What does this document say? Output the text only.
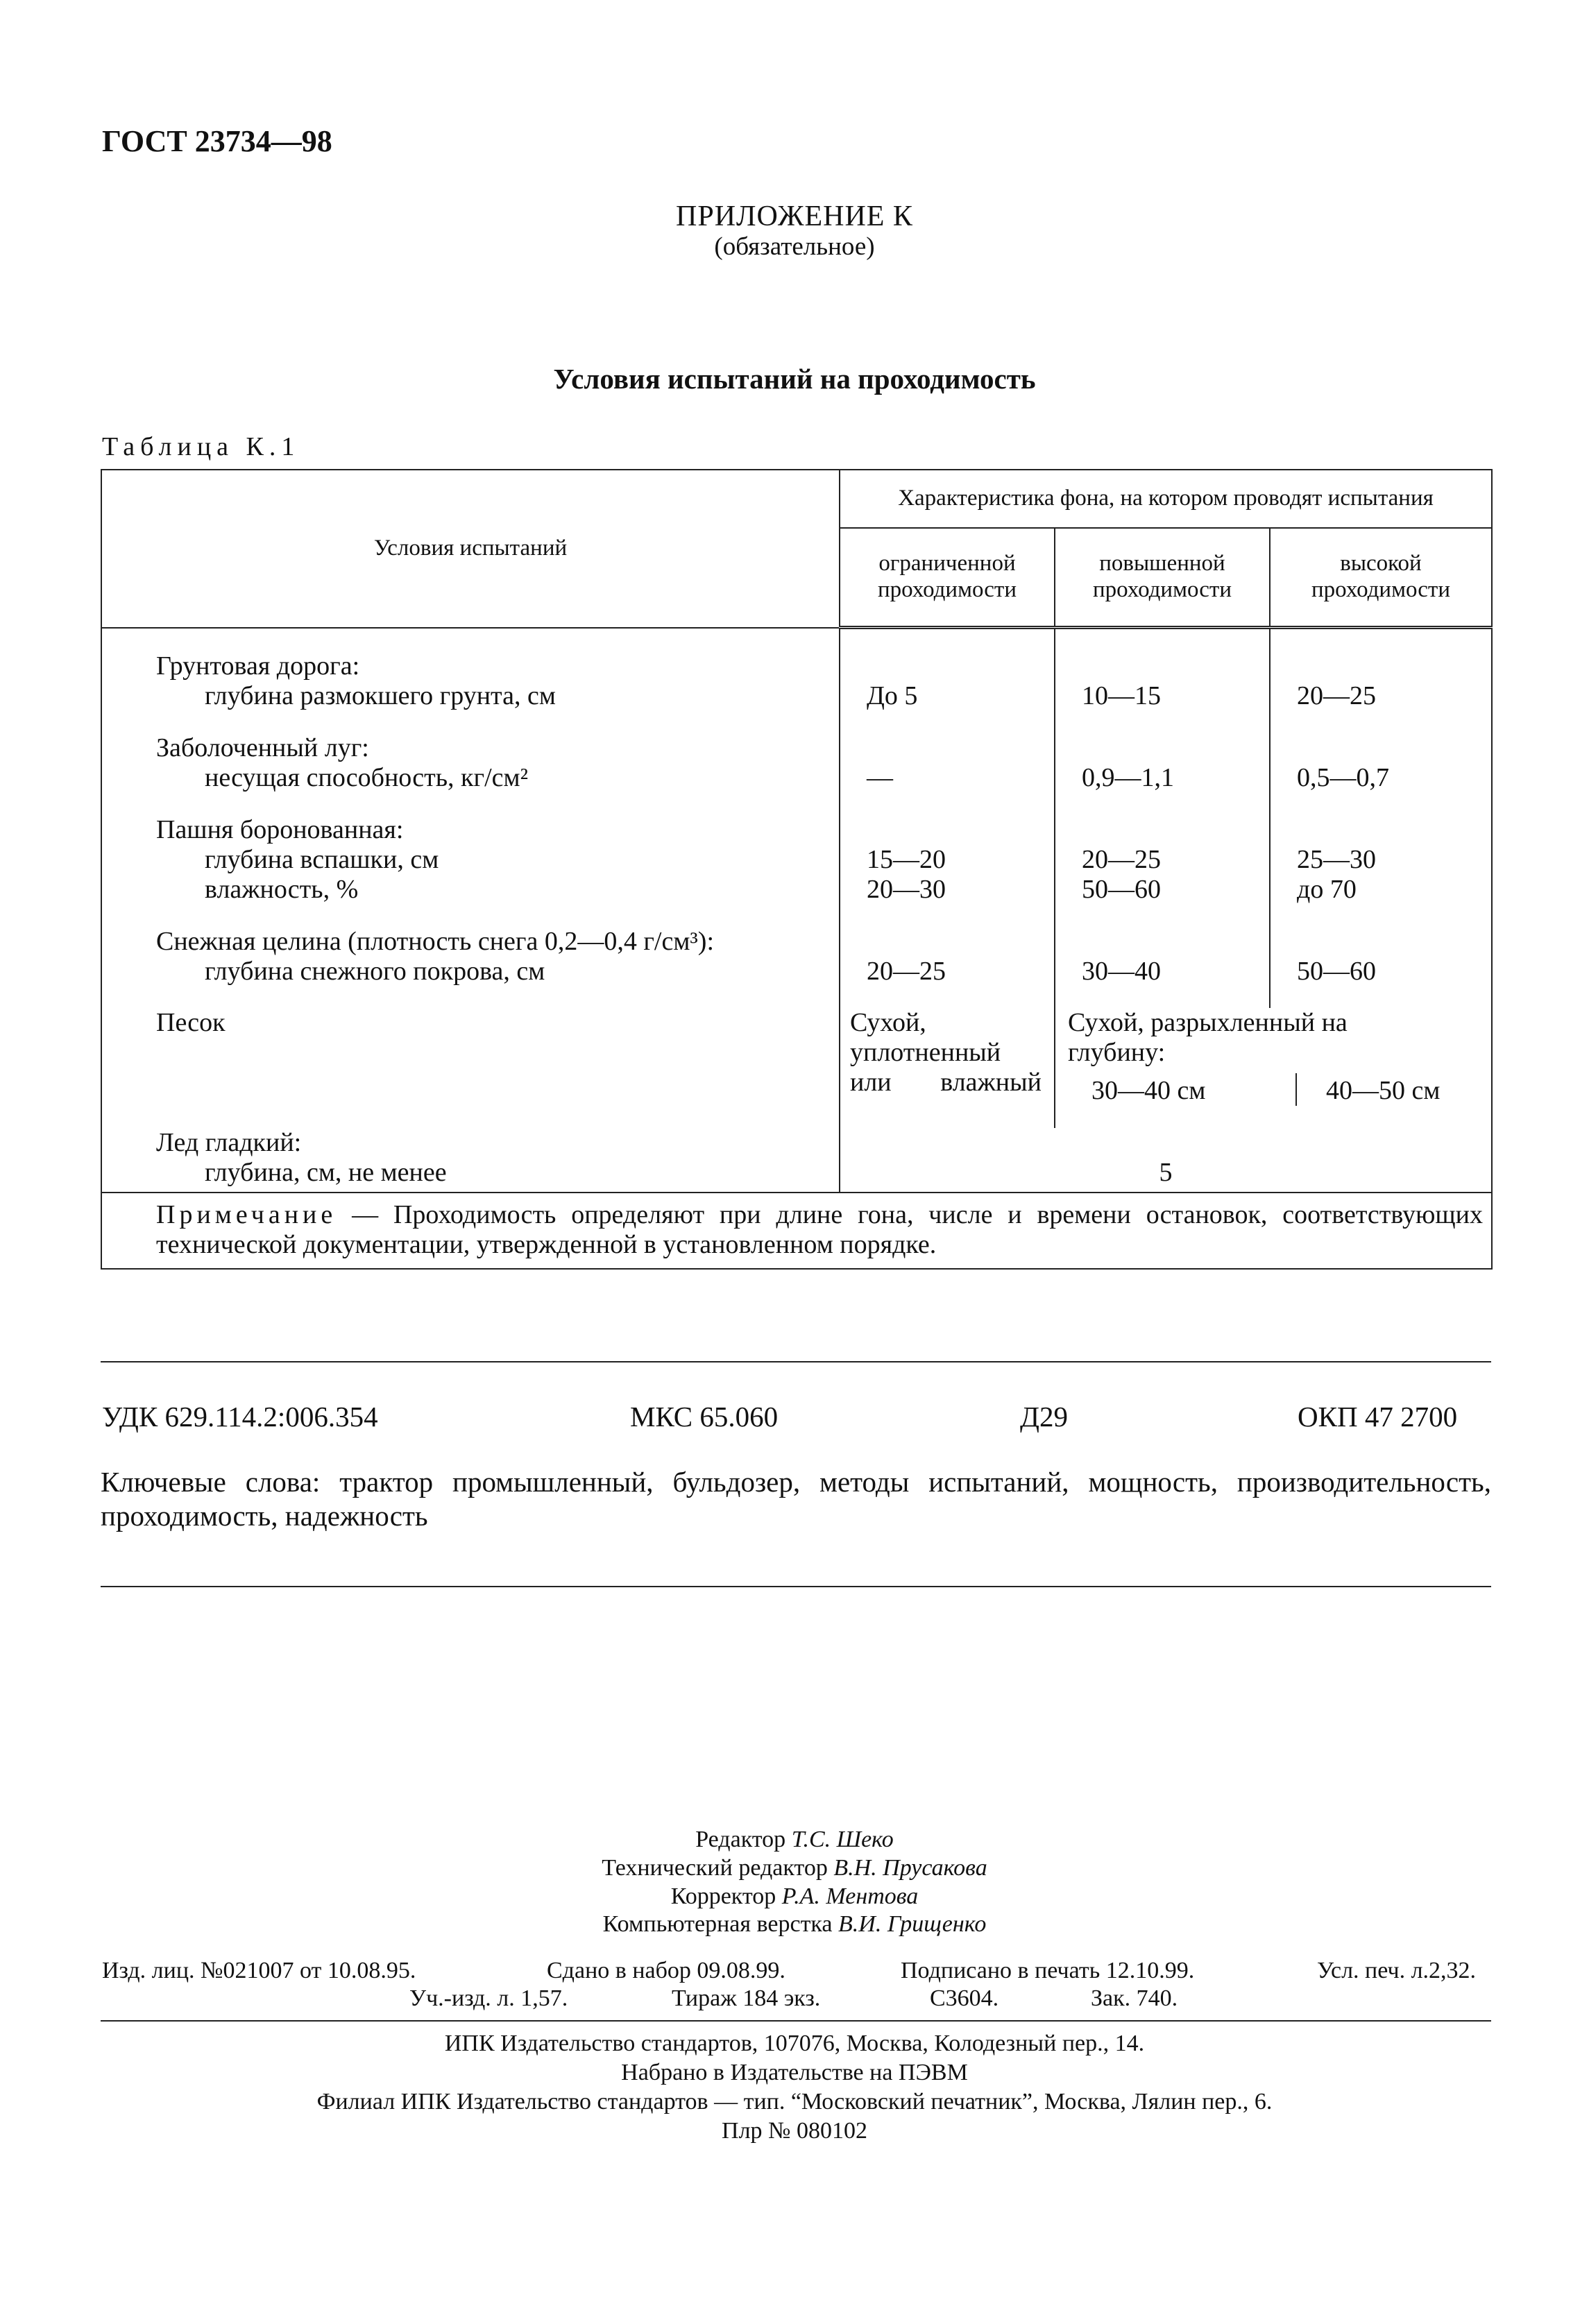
ГОСТ 23734—98
ПРИЛОЖЕНИЕ К
(обязательное)
Условия испытаний на проходимость
Таблица К.1
Условия испытаний	Характеристика фона, на котором проводят испытания		
	ограниченной проходимости	повышенной проходимости	высокой проходимости

Грунтовая дорога:
глубина размокшего грунта, см	До 5	10—15	20—25

Заболоченный луг:
несущая способность, кг/см²	—	0,9—1,1	0,5—0,7

Пашня боронованная:
глубина вспашки, см	15—20	20—25	25—30

влажность, %	20—30	50—60	до 70

Снежная целина (плотность снега 0,2—0,4 г/см³):
глубина снежного покрова, см	20—25	30—40	50—60

Песок	Сухой, уплотненный или влажный	Сухой, разрыхленный на глубину:
30—40 см 40—50 см	

Лед гладкий:
глубина, см, не менее	5		
Примечание — Проходимость определяют при длине гона, числе и времени остановок, соответствующих технической документации, утвержденной в установленном порядке.			
УДК 629.114.2:006.354	МКС 65.060	Д29	ОКП 47 2700
Ключевые слова: трактор промышленный, бульдозер, методы испытаний, мощность, производительность, проходимость, надежность
Редактор Т.С. Шеко
Технический редактор В.Н. Прусакова
Корректор Р.А. Ментова
Компьютерная верстка В.И. Грищенко
Изд. лиц. №021007 от 10.08.95.	Сдано в набор 09.08.99.	Подписано в печать 12.10.99.	Усл. печ. л.2,32.
Уч.-изд. л. 1,57.	Тираж 184 экз.	С3604.	Зак. 740.
ИПК Издательство стандартов, 107076, Москва, Колодезный пер., 14.
Набрано в Издательстве на ПЭВМ
Филиал ИПК Издательство стандартов — тип. “Московский печатник”, Москва, Лялин пер., 6.
Плр № 080102
